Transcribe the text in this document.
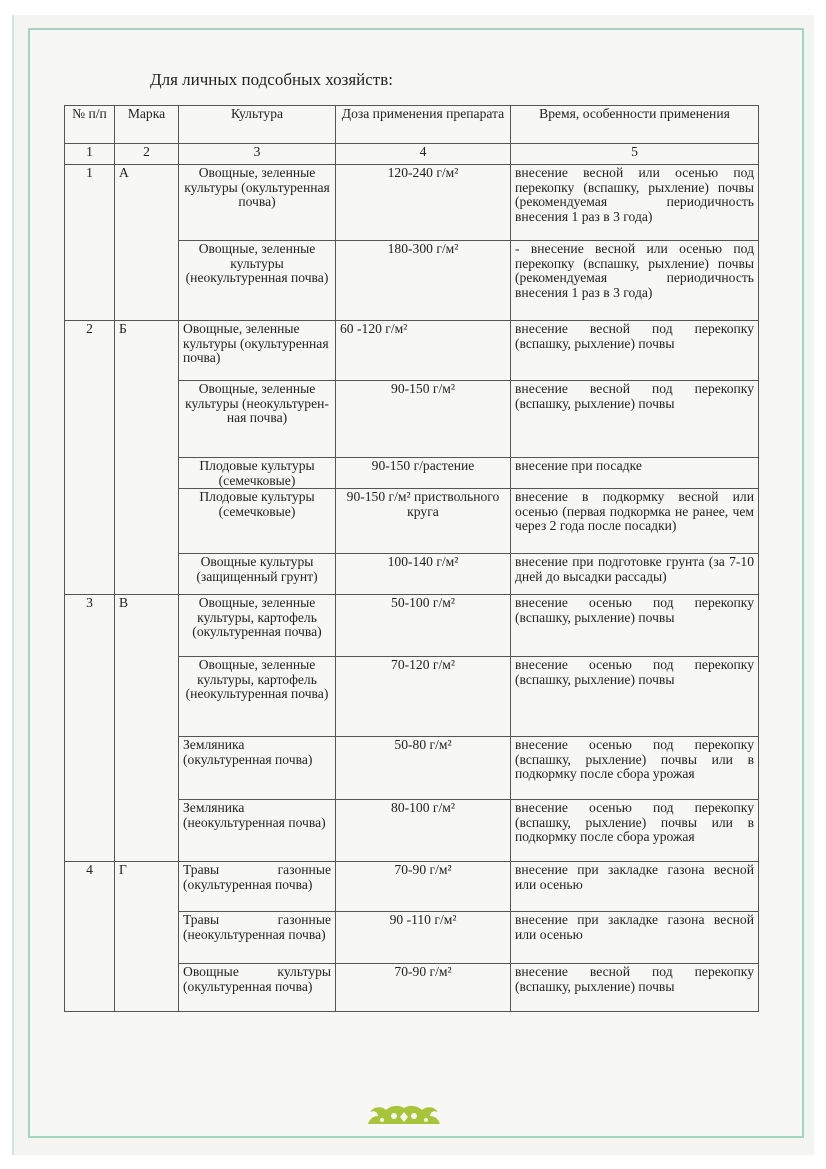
Для личных подсобных хозяйств:
№ п/п	Марка	Культура	Доза применения препарата	Время, особенности применения
1	2	3	4	5
1	А	Овощные, зеленные культуры (окультуренная почва)	120-240 г/м²	внесение весной или осенью под перекопку (вспашку, рыхление) почвы (рекомендуемая периодичность внесения 1 раз в 3 года)
		Овощные, зеленные культуры (неокультуренная почва)	180-300 г/м²	- внесение весной или осенью под перекопку (вспашку, рыхление) почвы (рекомендуемая периодичность внесения 1 раз в 3 года)
2	Б	Овощные, зеленные культуры (окультуренная почва)	60 -120 г/м²	внесение весной под перекопку (вспашку, рыхление) почвы
		Овощные, зеленные культуры (неокультурен-ная почва)	90-150 г/м²	внесение весной под перекопку (вспашку, рыхление) почвы
		Плодовые культуры (семечковые)	90-150 г/растение	внесение при посадке
		Плодовые культуры (семечковые)	90-150 г/м² приствольного круга	внесение в подкормку весной или осенью (первая подкормка не ранее, чем через 2 года после посадки)
		Овощные культуры (защищенный грунт)	100-140 г/м²	внесение при подготовке грунта (за 7-10 дней до высадки рассады)
3	В	Овощные, зеленные культуры, картофель (окультуренная почва)	50-100 г/м²	внесение осенью под перекопку (вспашку, рыхление) почвы
		Овощные, зеленные культуры, картофель (неокультуренная почва)	70-120 г/м²	внесение осенью под перекопку (вспашку, рыхление) почвы
		Земляника (окультуренная почва)	50-80 г/м²	внесение осенью под перекопку (вспашку, рыхление) почвы или в подкормку после сбора урожая
		Земляника (неокультуренная почва)	80-100 г/м²	внесение осенью под перекопку (вспашку, рыхление) почвы или в подкормку после сбора урожая
4	Г	Травы газонные (окультуренная почва)	70-90 г/м²	внесение при закладке газона весной или осенью
		Травы газонные (неокультуренная почва)	90 -110 г/м²	внесение при закладке газона весной или осенью
		Овощные культуры (окультуренная почва)	70-90 г/м²	внесение весной под перекопку (вспашку, рыхление) почвы
